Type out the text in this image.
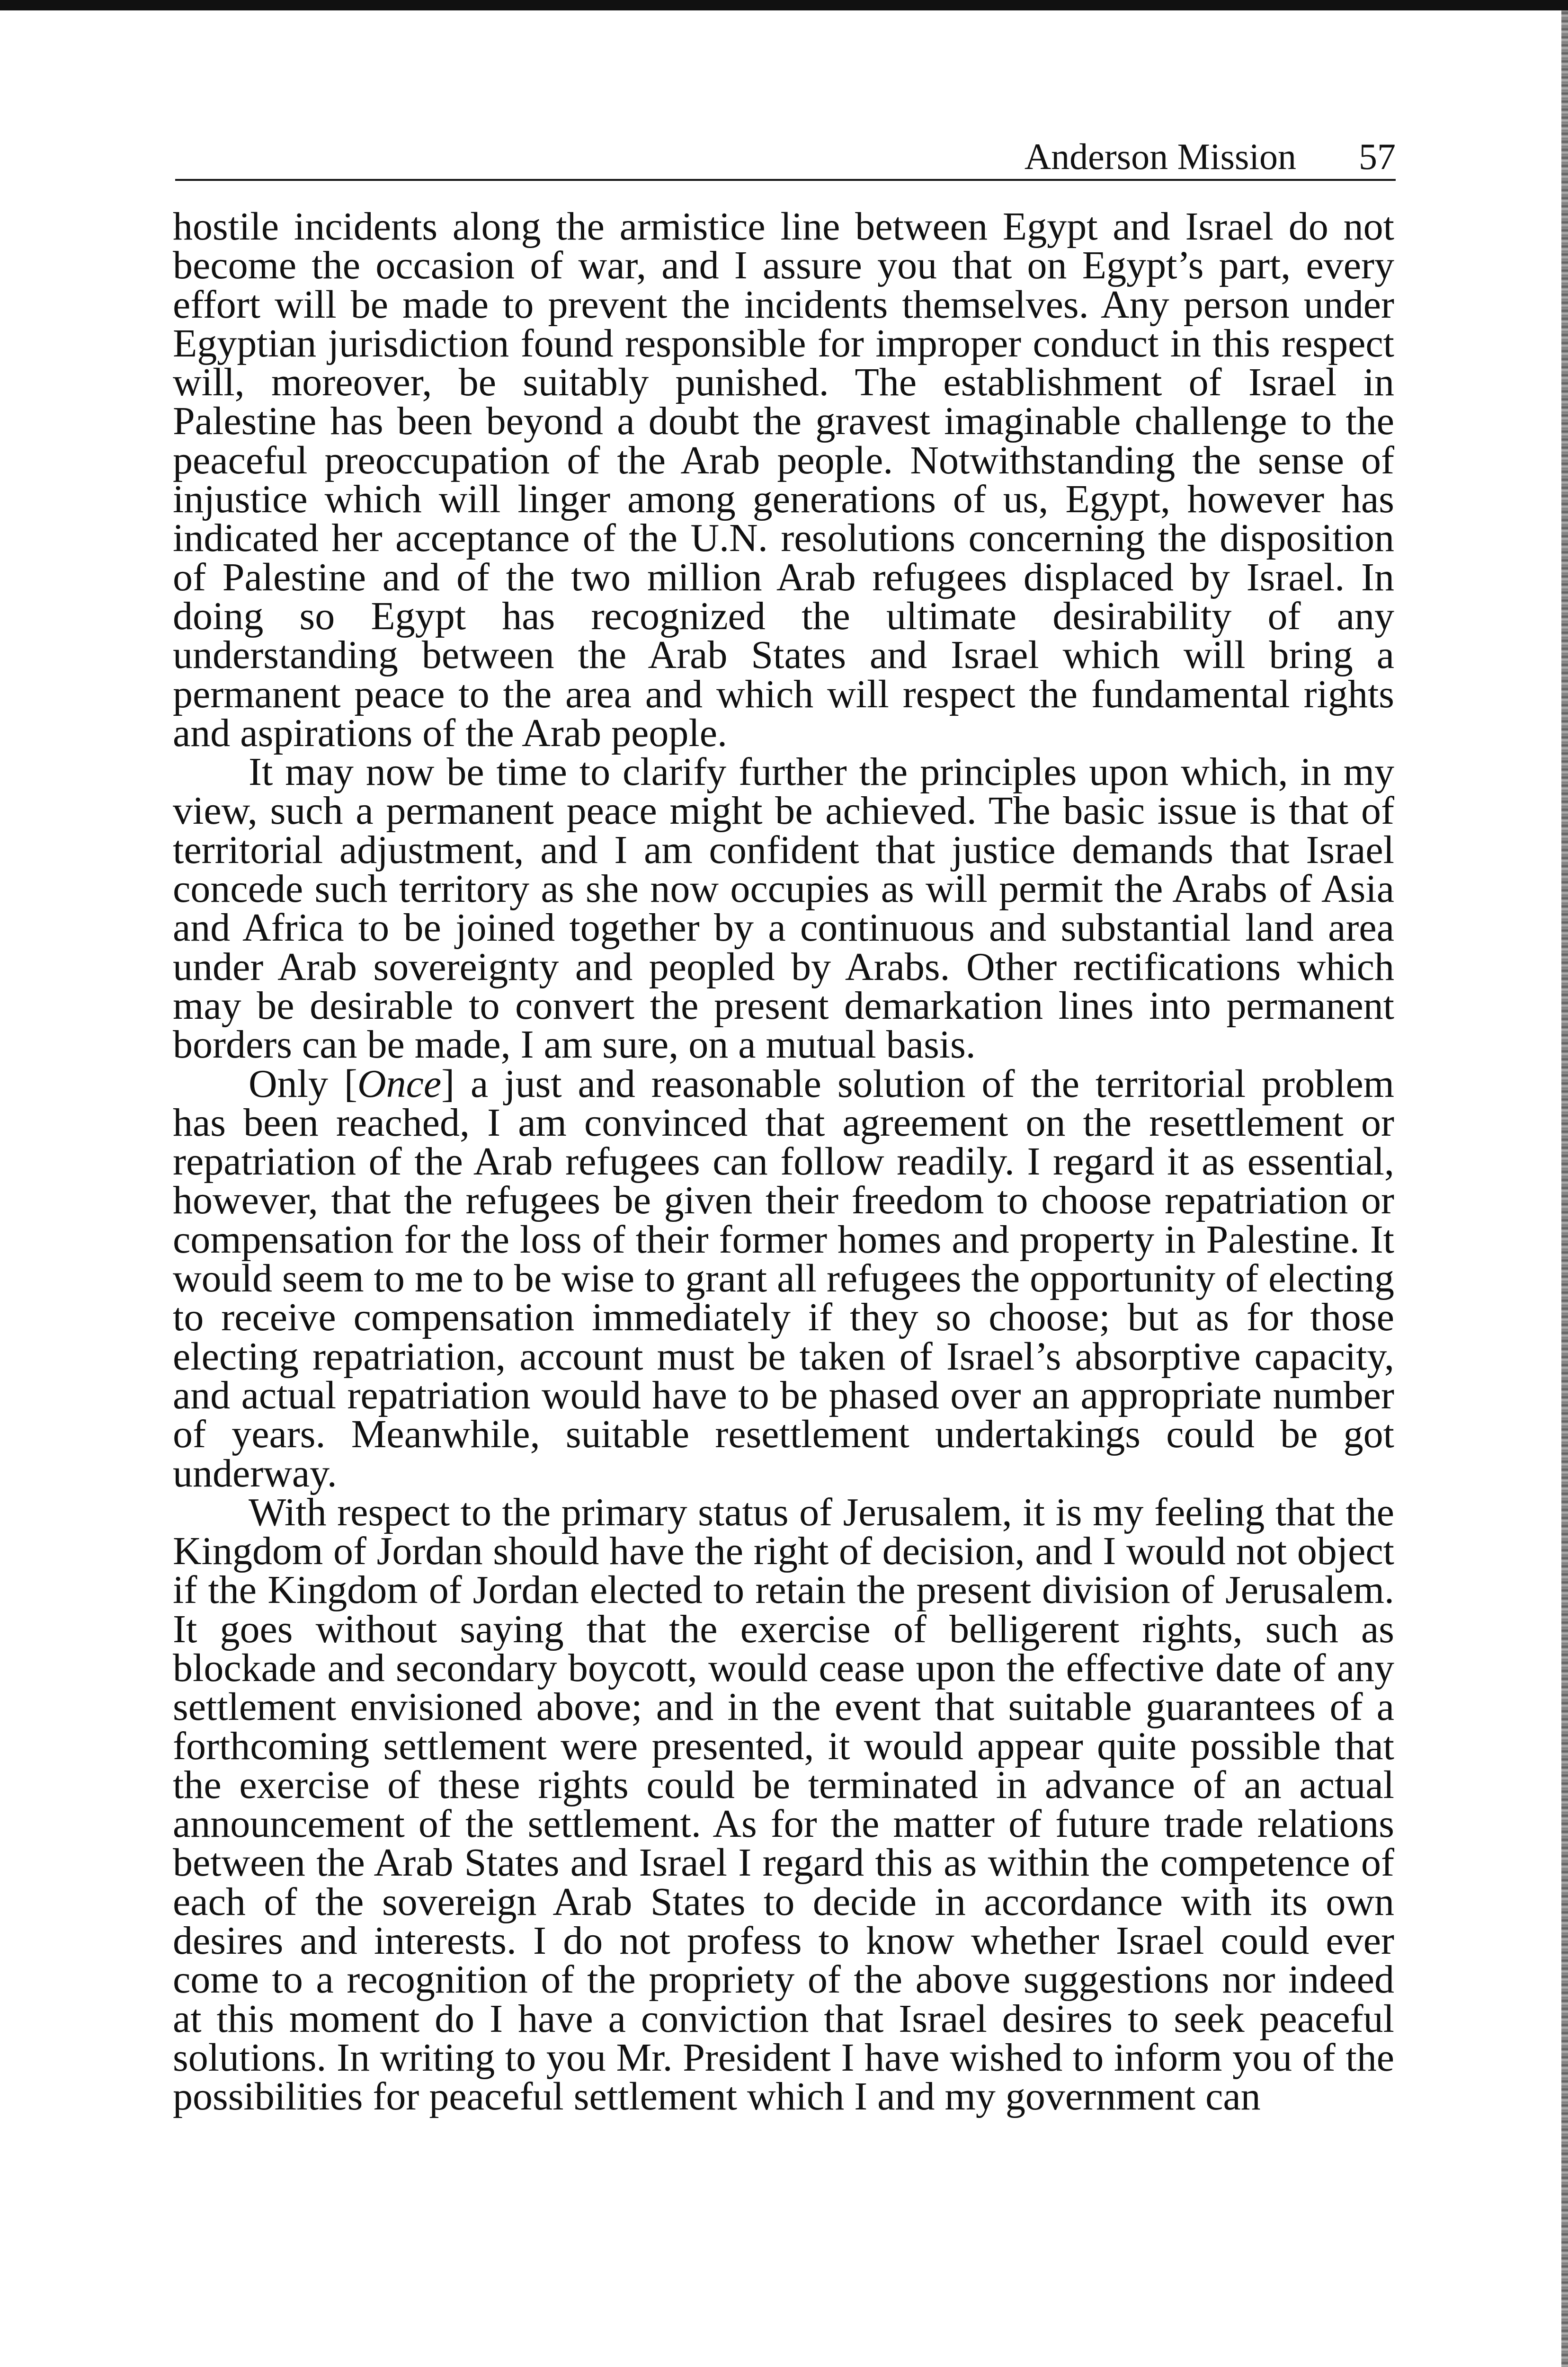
Anderson Mission 57

hostile incidents along the armistice line between Egypt and Israel do not become the occasion of war, and I assure you that on Egypt’s part, every effort will be made to prevent the incidents themselves. Any person under Egyptian jurisdiction found responsible for improper conduct in this respect will, moreover, be suitably punished. The establishment of Israel in Palestine has been beyond a doubt the gravest imaginable challenge to the peaceful preoccupation of the Arab people. Notwithstanding the sense of injustice which will linger among generations of us, Egypt, however has indicated her acceptance of the U.N. resolutions concerning the disposition of Palestine and of the two million Arab refugees displaced by Israel. In doing so Egypt has recognized the ultimate desirability of any understanding between the Arab States and Israel which will bring a permanent peace to the area and which will respect the fundamental rights and aspirations of the Arab people.

It may now be time to clarify further the principles upon which, in my view, such a permanent peace might be achieved. The basic issue is that of territorial adjustment, and I am confident that justice demands that Israel concede such territory as she now occupies as will permit the Arabs of Asia and Africa to be joined together by a continuous and substantial land area under Arab sovereignty and peopled by Arabs. Other rectifications which may be desirable to convert the present demarkation lines into permanent borders can be made, I am sure, on a mutual basis.

Only [Once] a just and reasonable solution of the territorial problem has been reached, I am convinced that agreement on the resettlement or repatriation of the Arab refugees can follow readily. I regard it as essential, however, that the refugees be given their freedom to choose repatriation or compensation for the loss of their former homes and property in Palestine. It would seem to me to be wise to grant all refugees the opportunity of electing to receive compensation immediately if they so choose; but as for those electing repatriation, account must be taken of Israel’s absorptive capacity, and actual repatriation would have to be phased over an appropriate number of years. Meanwhile, suitable resettlement undertakings could be got underway.

With respect to the primary status of Jerusalem, it is my feeling that the Kingdom of Jordan should have the right of decision, and I would not object if the Kingdom of Jordan elected to retain the present division of Jerusalem. It goes without saying that the exercise of belligerent rights, such as blockade and secondary boycott, would cease upon the effective date of any settlement envisioned above; and in the event that suitable guarantees of a forthcoming settlement were presented, it would appear quite possible that the exercise of these rights could be terminated in advance of an actual announcement of the settlement. As for the matter of future trade relations between the Arab States and Israel I regard this as within the competence of each of the sovereign Arab States to decide in accordance with its own desires and interests. I do not profess to know whether Israel could ever come to a recognition of the propriety of the above suggestions nor indeed at this moment do I have a conviction that Israel desires to seek peaceful solutions. In writing to you Mr. President I have wished to inform you of the possibilities for peaceful settlement which I and my government can
